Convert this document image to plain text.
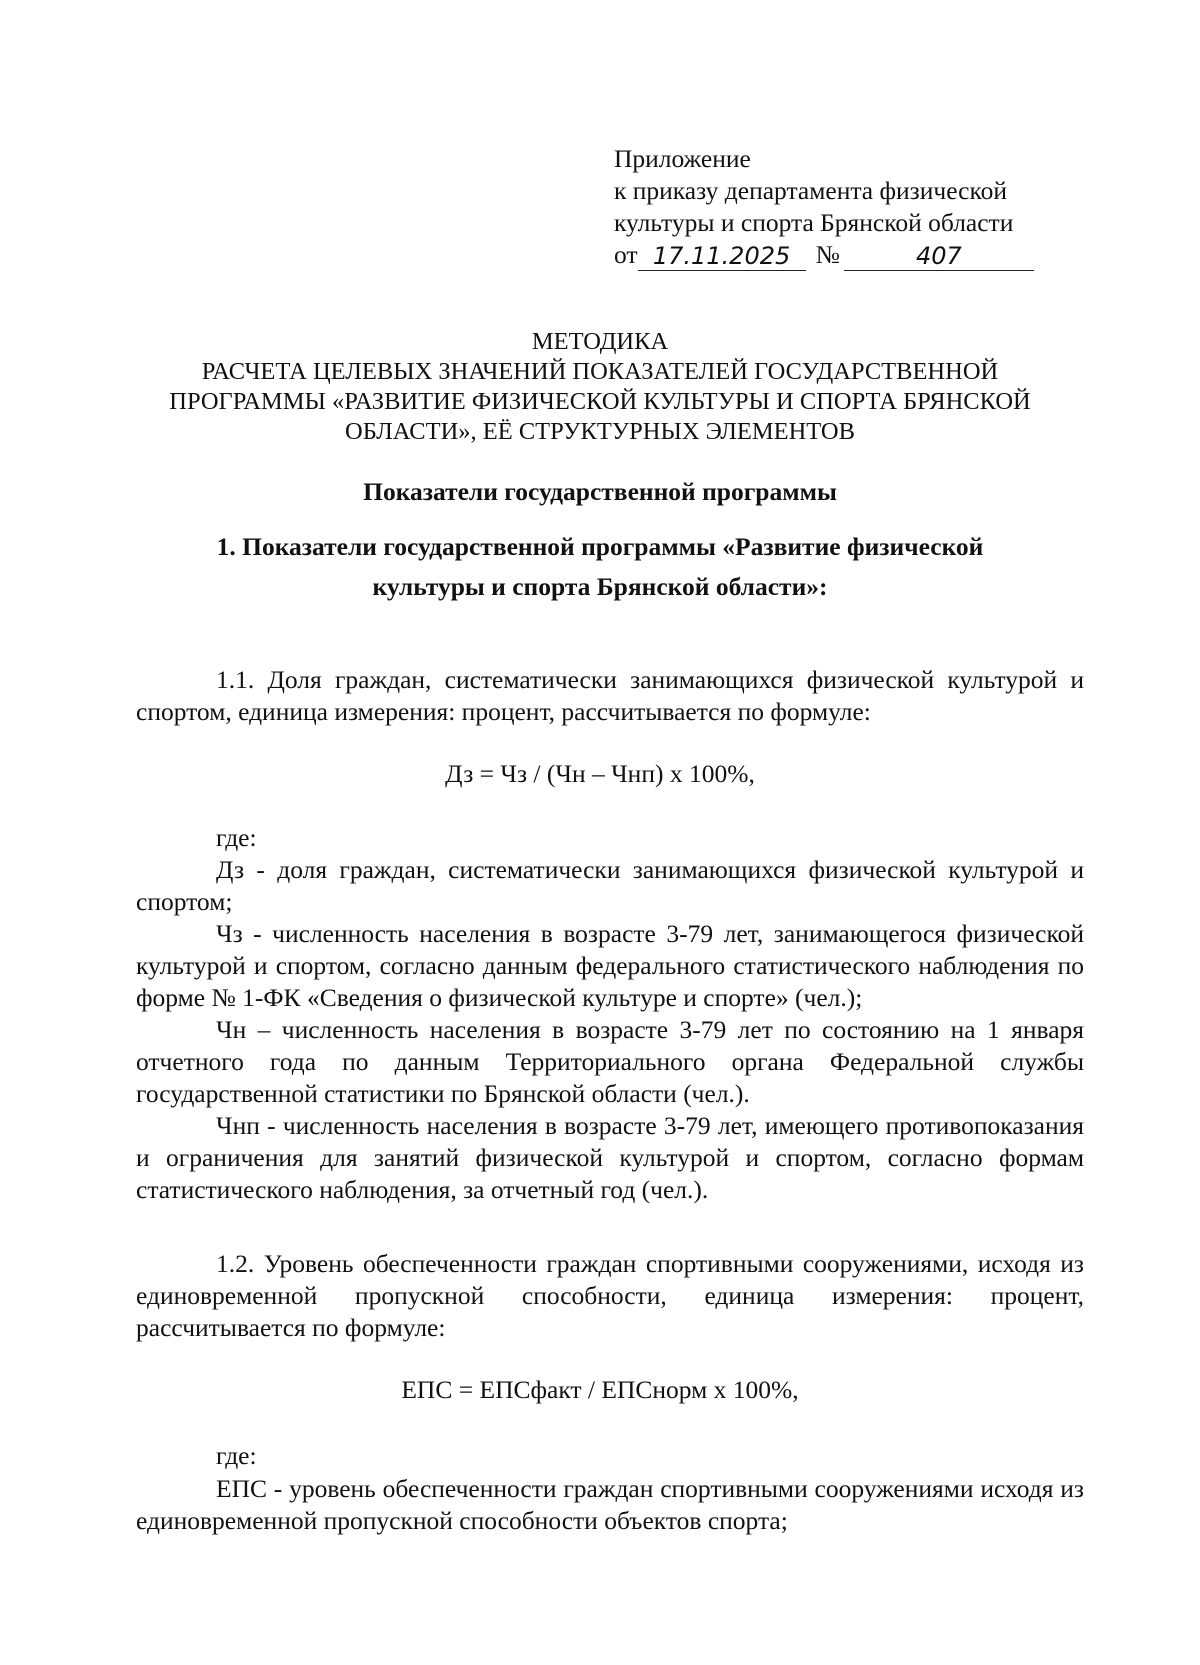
Приложение
к приказу департамента физической
культуры и спорта Брянской области
от 17.11.2025 №	407
МЕТОДИКА
РАСЧЕТА ЦЕЛЕВЫХ ЗНАЧЕНИЙ ПОКАЗАТЕЛЕЙ ГОСУДАРСТВЕННОЙ
ПРОГРАММЫ «РАЗВИТИЕ ФИЗИЧЕСКОЙ КУЛЬТУРЫ И СПОРТА БРЯНСКОЙ
ОБЛАСТИ», ЕЁ СТРУКТУРНЫХ ЭЛЕМЕНТОВ
Показатели государственной программы
1. Показатели государственной программы «Развитие физической
культуры и спорта Брянской области»:

1.1. Доля граждан, систематически занимающихся физической культурой и спортом, единица измерения: процент, рассчитывается по формуле:

Дз = Чз / (Чн – Чнп) х 100%,
где:

Дз - доля граждан, систематически занимающихся физической культурой и спортом;

Чз - численность населения в возрасте 3-79 лет, занимающегося физической культурой и спортом, согласно данным федерального статистического наблюдения по форме № 1-ФК «Сведения о физической культуре и спорте» (чел.);

Чн – численность населения в возрасте 3-79 лет по состоянию на 1 января отчетного года по данным Территориального органа Федеральной службы государственной статистики по Брянской области (чел.).

Чнп - численность населения в возрасте 3-79 лет, имеющего противопоказания и ограничения для занятий физической культурой и спортом, согласно формам статистического наблюдения, за отчетный год (чел.).

1.2. Уровень обеспеченности граждан спортивными сооружениями, исходя из единовременной пропускной способности, единица измерения: процент, рассчитывается по формуле:

ЕПС = ЕПСфакт / ЕПСнорм х 100%,
где:

ЕПС - уровень обеспеченности граждан спортивными сооружениями исходя из единовременной пропускной способности объектов спорта;
